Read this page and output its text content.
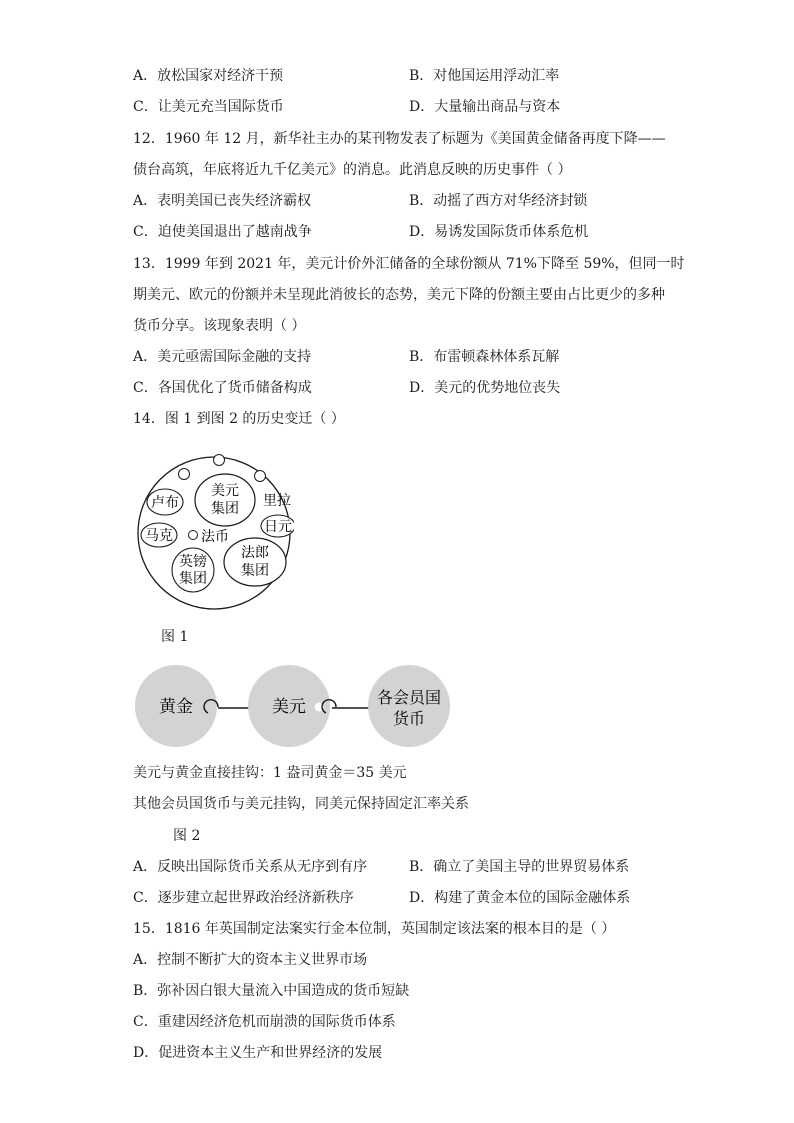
A．放松国家对经济干预	B．对他国运用浮动汇率
C．让美元充当国际货币	D．大量输出商品与资本
12．1960 年 12 月，新华社主办的某刊物发表了标题为《美国黄金储备再度下降——
债台高筑，年底将近九千亿美元》的消息。此消息反映的历史事件（ ）
A．表明美国已丧失经济霸权	B．动摇了西方对华经济封锁
C．迫使美国退出了越南战争	D．易诱发国际货币体系危机
13．1999 年到 2021 年，美元计价外汇储备的全球份额从 71%下降至 59%，但同一时
期美元、欧元的份额并未呈现此消彼长的态势，美元下降的份额主要由占比更少的多种
货币分享。该现象表明（ ）
A．美元亟需国际金融的支持	B．布雷顿森林体系瓦解
C．各国优化了货币储备构成	D．美元的优势地位丧失
14．图 1 到图 2 的历史变迁（ ）
美元
集团
卢布	里拉
马克
日元
法币
英镑
集团
法郎
集团
图 1
黄金	美元	各会员国
货币
美元与黄金直接挂钩：1 盎司黄金＝35 美元
其他会员国货币与美元挂钩，同美元保持固定汇率关系
图 2
A．反映出国际货币关系从无序到有序	B．确立了美国主导的世界贸易体系
C．逐步建立起世界政治经济新秩序	D．构建了黄金本位的国际金融体系
15．1816 年英国制定法案实行金本位制，英国制定该法案的根本目的是（ ）
A．控制不断扩大的资本主义世界市场
B．弥补因白银大量流入中国造成的货币短缺
C．重建因经济危机而崩溃的国际货币体系
D．促进资本主义生产和世界经济的发展
